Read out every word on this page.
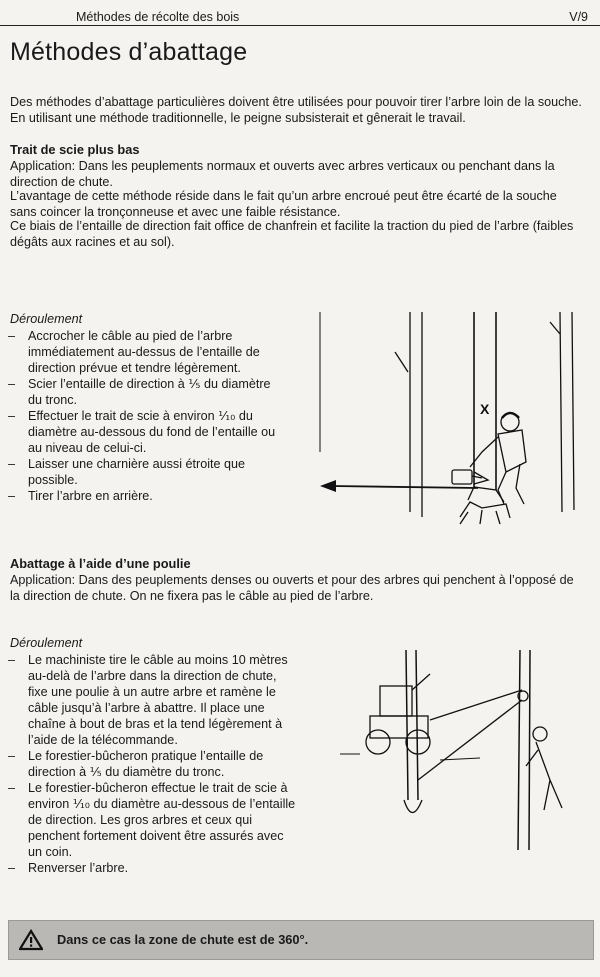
Méthodes de récolte des bois	V/9
Méthodes d’abattage
Des méthodes d’abattage particulières doivent être utilisées pour pouvoir tirer l’arbre loin de la souche. En utilisant une méthode traditionnelle, le peigne subsisterait et gênerait le travail.
Trait de scie plus bas
Application: Dans les peuplements normaux et ouverts avec arbres verticaux ou penchant dans la direction de chute.
L’avantage de cette méthode réside dans le fait qu’un arbre encroué peut être écarté de la souche sans coincer la tronçonneuse et avec une faible résistance.
Ce biais de l’entaille de direction fait office de chanfrein et facilite la traction du pied de l’arbre (faibles dégâts aux racines et au sol).
Déroulement
– Accrocher le câble au pied de l’arbre immédiatement au-dessus de l’entaille de direction prévue et tendre légèrement.
– Scier l’entaille de direction à ⅕ du diamètre du tronc.
– Effectuer le trait de scie à environ ⅒ du diamètre au-dessous du fond de l’entaille ou au niveau de celui-ci.
– Laisser une charnière aussi étroite que possible.
– Tirer l’arbre en arrière.
X
Abattage à l’aide d’une poulie
Application: Dans des peuplements denses ou ouverts et pour des arbres qui penchent à l’opposé de la direction de chute. On ne fixera pas le câble au pied de l’arbre.
Déroulement
– Le machiniste tire le câble au moins 10 mètres au-delà de l’arbre dans la direction de chute, fixe une poulie à un autre arbre et ramène le câble jusqu’à l’arbre à abattre. Il place une chaîne à bout de bras et la tend légèrement à l’aide de la télécommande.
– Le forestier-bûcheron pratique l’entaille de direction à ⅕ du diamètre du tronc.
– Le forestier-bûcheron effectue le trait de scie à environ ⅒ du diamètre au-dessous de l’entaille de direction. Les gros arbres et ceux qui penchent fortement doivent être assurés avec un coin.
– Renverser l’arbre.
Dans ce cas la zone de chute est de 360°.
